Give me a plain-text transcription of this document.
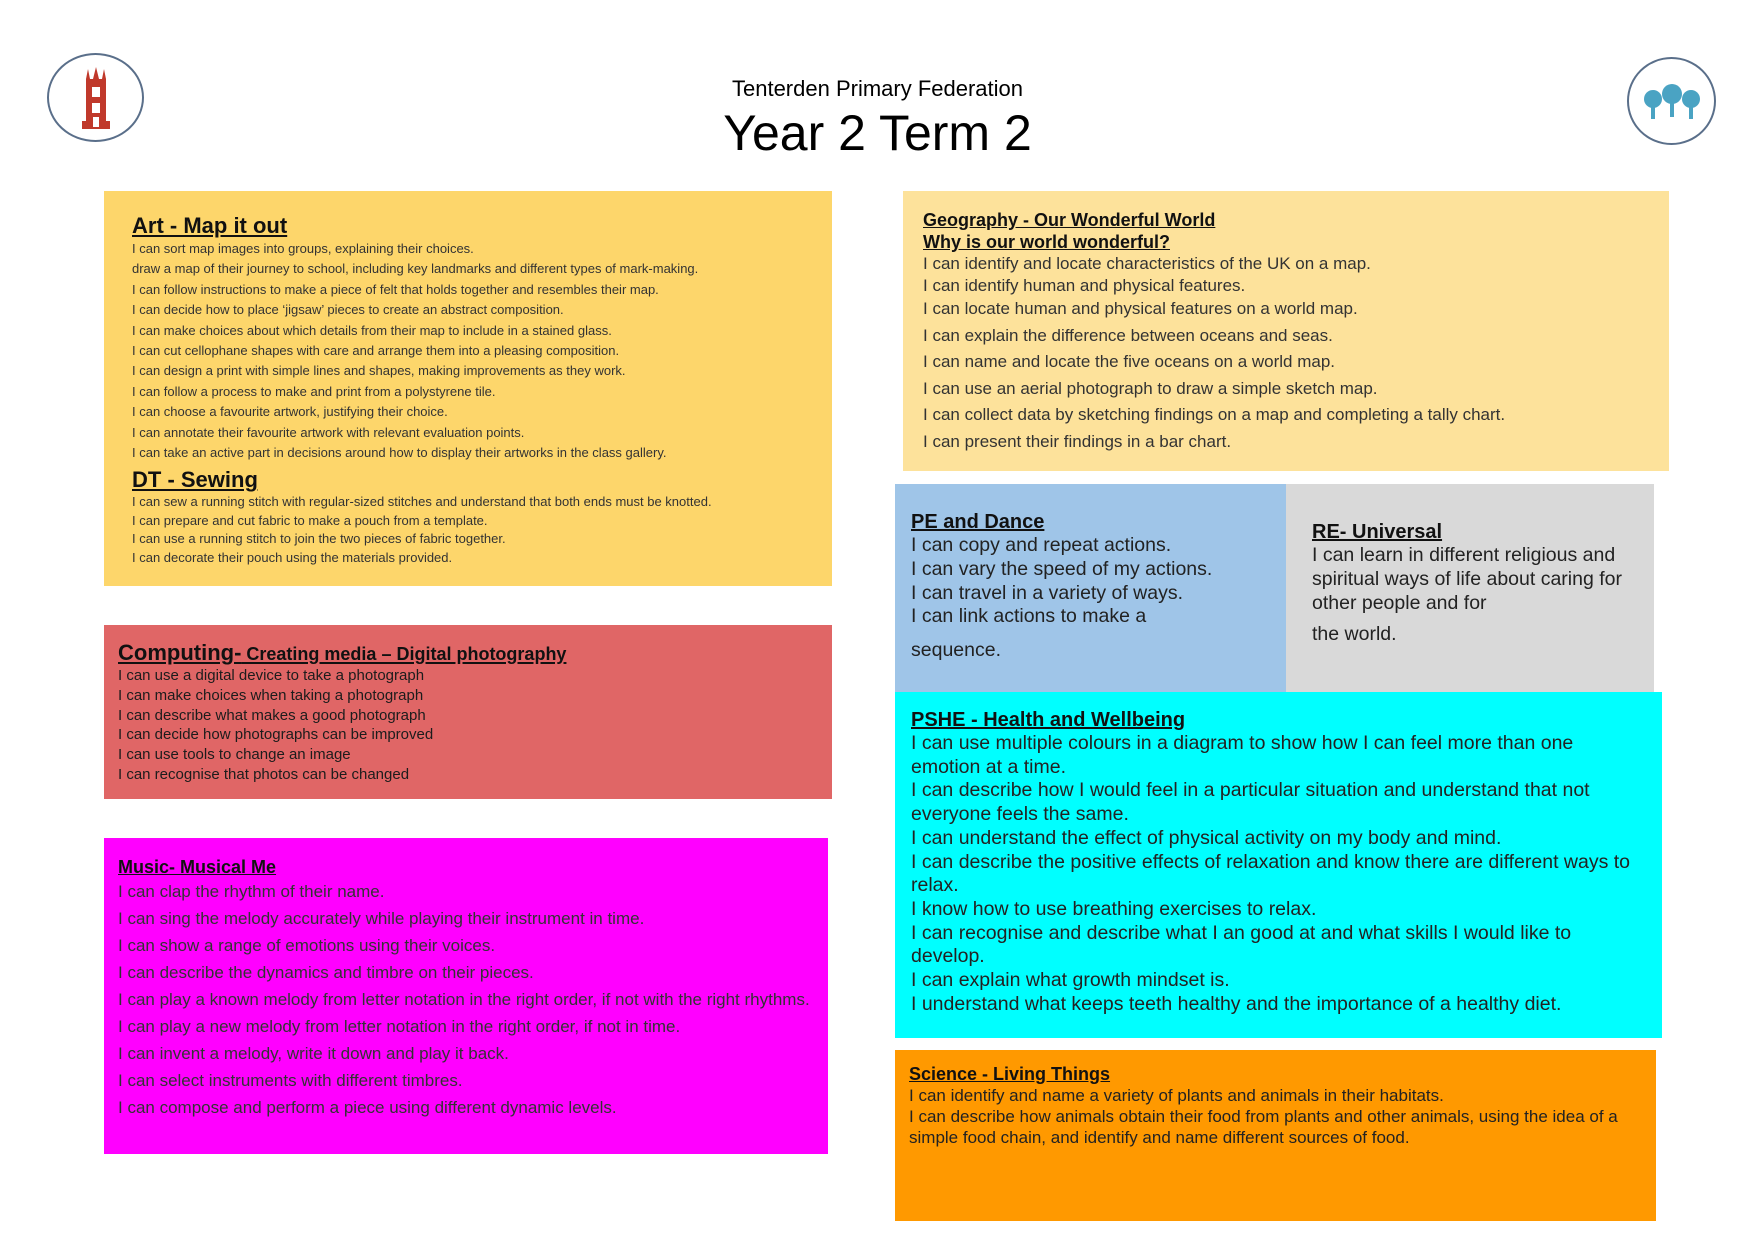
Tenterden Primary Federation
Year 2 Term 2
Art - Map it out
I can sort map images into groups, explaining their choices.
draw a map of their journey to school, including key landmarks and different types of mark-making.
I can follow instructions to make a piece of felt that holds together and resembles their map.
I can decide how to place ‘jigsaw’ pieces to create an abstract composition.
I can make choices about which details from their map to include in a stained glass.
I can cut cellophane shapes with care and arrange them into a pleasing composition.
I can design a print with simple lines and shapes, making improvements as they work.
I can follow a process to make and print from a polystyrene tile.
I can choose a favourite artwork, justifying their choice.
I can annotate their favourite artwork with relevant evaluation points.
I can take an active part in decisions around how to display their artworks in the class gallery.
DT - Sewing
I can sew a running stitch with regular-sized stitches and understand that both ends must be knotted.
I can prepare and cut fabric to make a pouch from a template.
I can use a running stitch to join the two pieces of fabric together.
I can decorate their pouch using the materials provided.
Computing- Creating media – Digital photography
I can use a digital device to take a photograph
I can make choices when taking a photograph
I can describe what makes a good photograph
I can decide how photographs can be improved
I can use tools to change an image
I can recognise that photos can be changed
Music- Musical Me
I can clap the rhythm of their name.
I can sing the melody accurately while playing their instrument in time.
I can show a range of emotions using their voices.
I can describe the dynamics and timbre on their pieces.
I can play a known melody from letter notation in the right order, if not with the right rhythms.
I can play a new melody from letter notation in the right order, if not in time.
I can invent a melody, write it down and play it back.
I can select instruments with different timbres.
I can compose and perform a piece using different dynamic levels.
Geography - Our Wonderful World
Why is our world wonderful?
I can identify and locate characteristics of the UK on a map.
I can identify human and physical features.
I can locate human and physical features on a world map.
I can explain the difference between oceans and seas.
I can name and locate the five oceans on a world map.
I can use an aerial photograph to draw a simple sketch map.
I can collect data by sketching findings on a map and completing a tally chart.
I can present their findings in a bar chart.
PE and Dance
I can copy and repeat actions.
I can vary the speed of my actions.
I can travel in a variety of ways.
I can link actions to make a
sequence.
RE- Universal
I can learn in different religious and spiritual ways of life about caring for other people and for
the world.
PSHE - Health and Wellbeing
I can use multiple colours in a diagram to show how I can feel more than one emotion at a time.
I can describe how I would feel in a particular situation and understand that not everyone feels the same.
I can understand the effect of physical activity on my body and mind.
I can describe the positive effects of relaxation and know there are different ways to relax.
I know how to use breathing exercises to relax.
I can recognise and describe what I an good at and what skills I would like to develop.
I can explain what growth mindset is.
I understand what keeps teeth healthy and the importance of a healthy diet.
Science - Living Things
I can identify and name a variety of plants and animals in their habitats.
I can describe how animals obtain their food from plants and other animals, using the idea of a simple food chain, and identify and name different sources of food.
